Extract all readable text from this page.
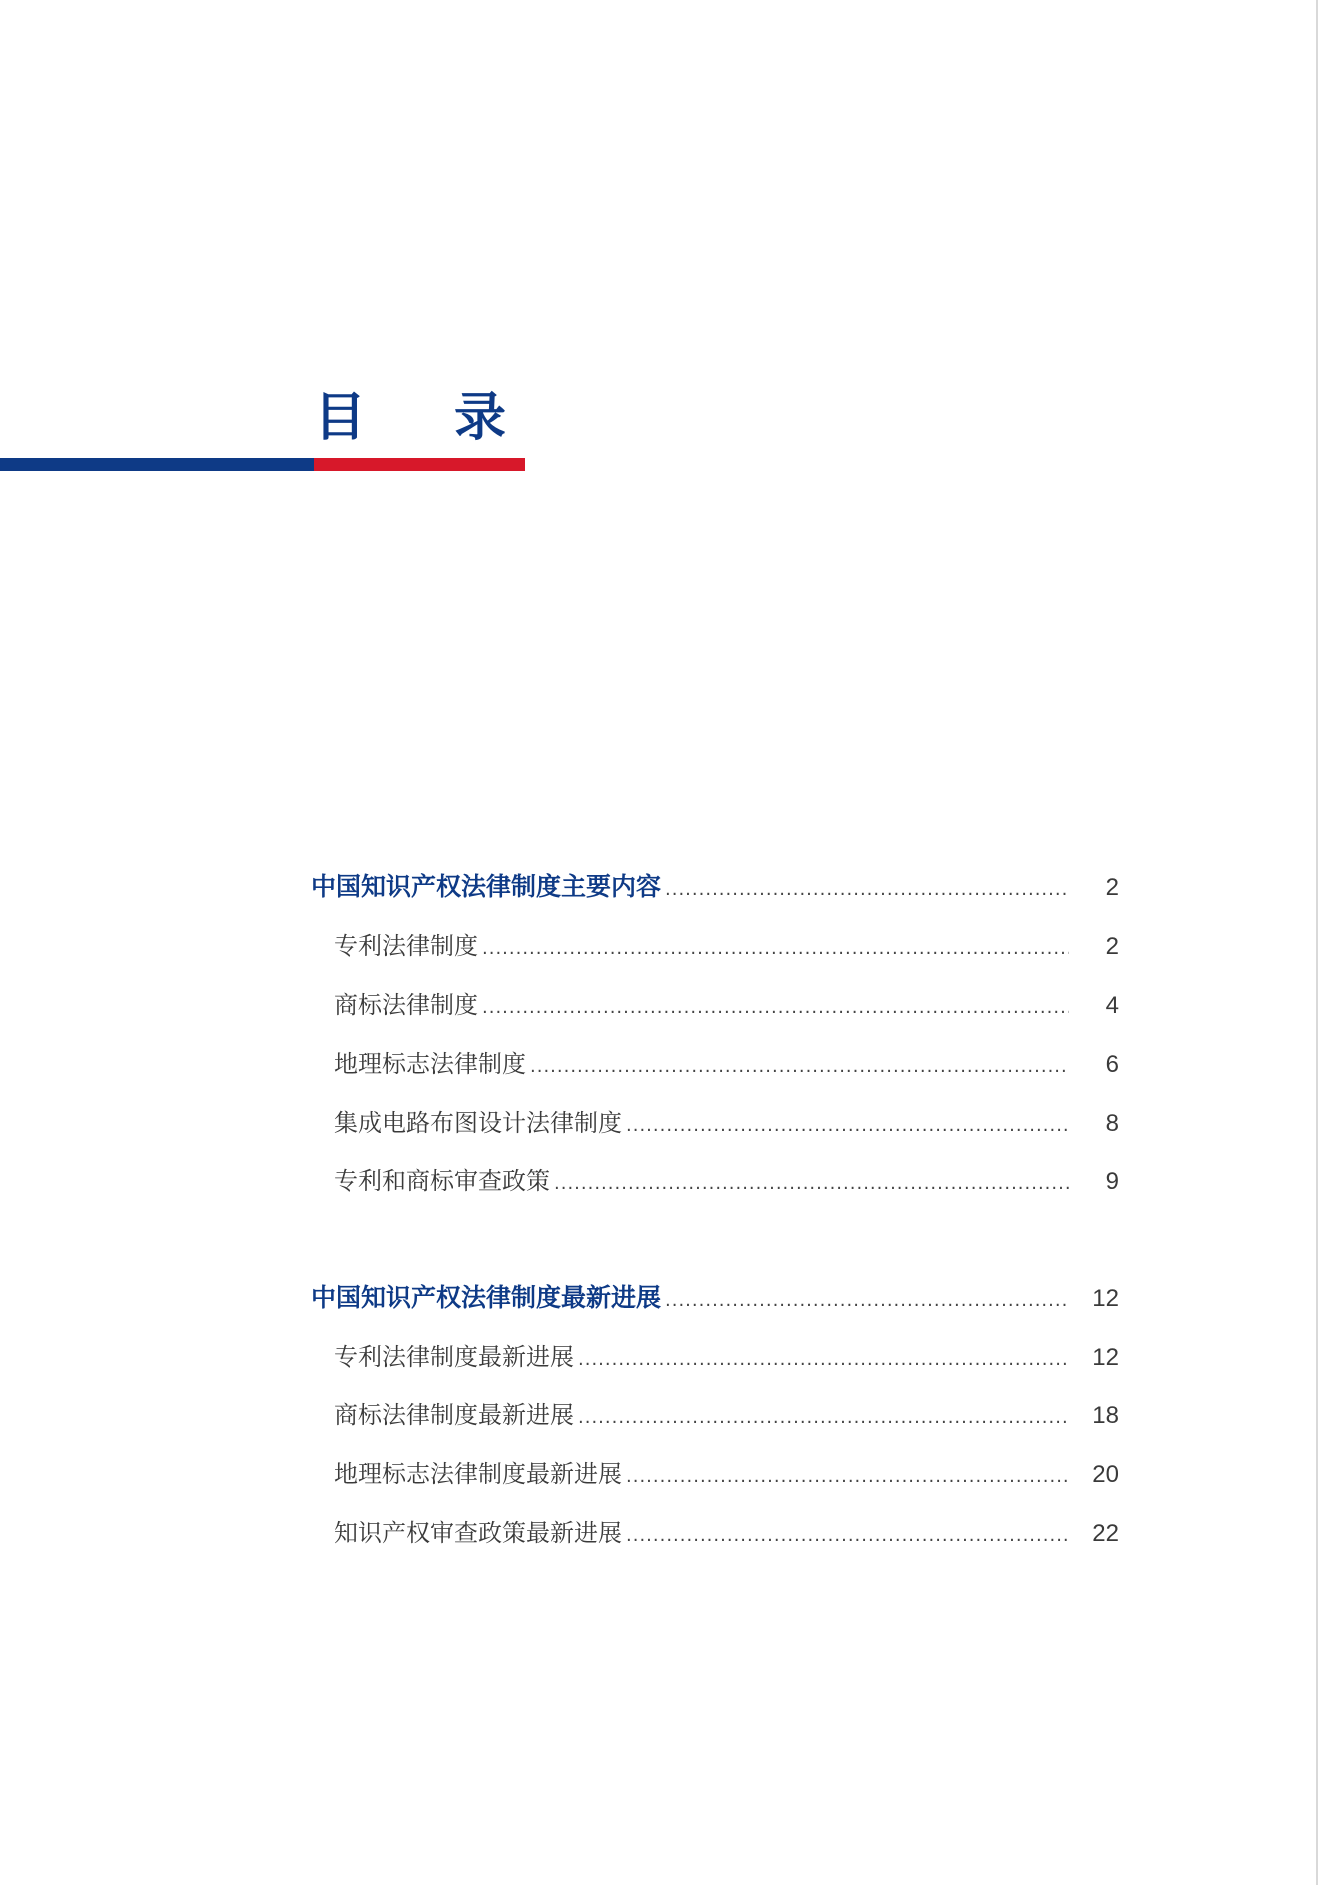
目录
中国知识产权法律制度主要内容 .....	2
专利法律制度 .....	2
商标法律制度 .....	4
地理标志法律制度 .....	6
集成电路布图设计法律制度 .....	8
专利和商标审查政策 .....	9
中国知识产权法律制度最新进展 .....	12
专利法律制度最新进展 .....	12
商标法律制度最新进展 .....	18
地理标志法律制度最新进展 .....	20
知识产权审查政策最新进展 .....	22
